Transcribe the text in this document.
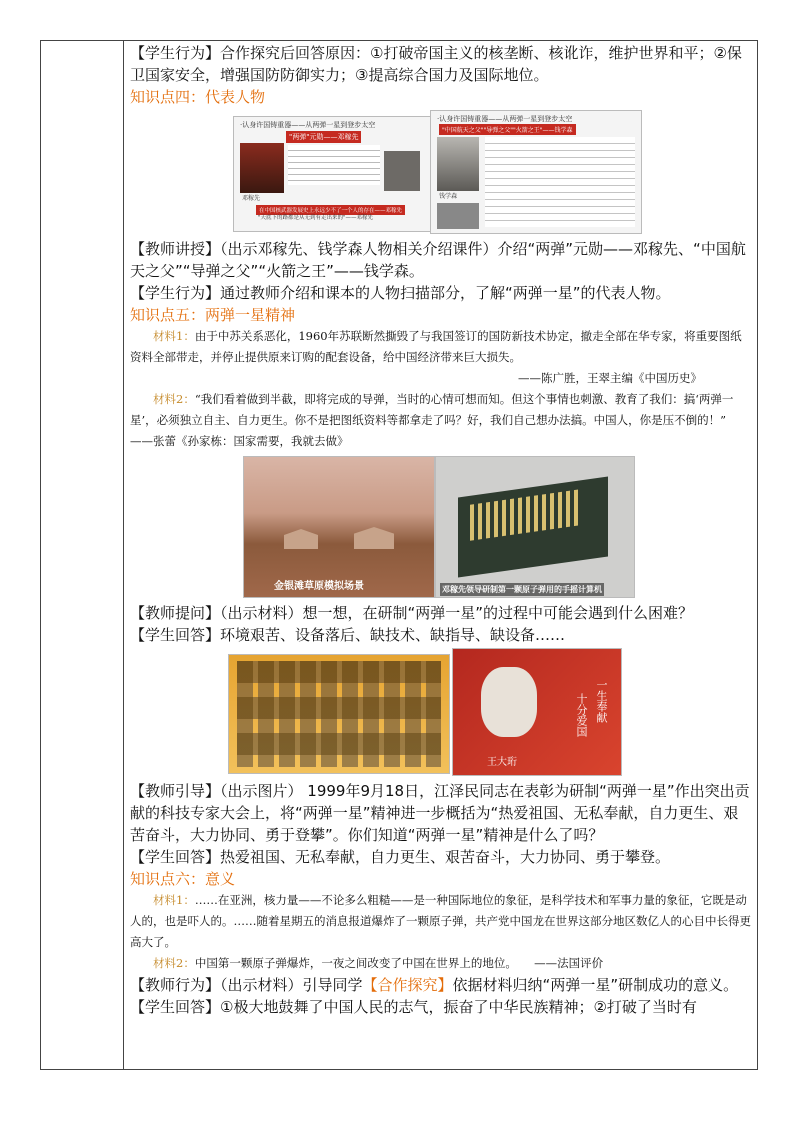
【学生行为】合作探究后回答原因：①打破帝国主义的核垄断、核讹诈，维护世界和平；②保卫国家安全，增强国防防御实力；③提高综合国力及国际地位。

知识点四：代表人物

·认身许国铸重器——从两弹一星到登步太空
"两弹"元勋——邓稼先
邓稼先
在中国核武器发展史上永远少不了一个人的存在——邓稼先
"天底下的路都是从无到有走出来的"——邓稼先
·认身许国铸重器——从两弹一星到登步太空
"中国航天之父""导弹之父""火箭之王"——钱学森
钱学森

【教师讲授】（出示邓稼先、钱学森人物相关介绍课件）介绍“两弹”元勋——邓稼先、“中国航天之父”“导弹之父”“火箭之王”——钱学森。

【学生行为】通过教师介绍和课本的人物扫描部分，了解“两弹一星”的代表人物。

知识点五：两弹一星精神

材料1：由于中苏关系恶化，1960年苏联断然撕毁了与我国签订的国防新技术协定，撤走全部在华专家，将重要图纸资料全部带走，并停止提供原来订购的配套设备，给中国经济带来巨大损失。

——陈广胜，王翠主编《中国历史》

材料2：“我们看着做到半截，即将完成的导弹，当时的心情可想而知。但这个事情也刺激、教育了我们：搞‘两弹一星’，必须独立自主、自力更生。你不是把图纸资料等都拿走了吗？好，我们自己想办法搞。中国人，你是压不倒的！”　　——张蕾《孙家栋：国家需要，我就去做》

金银滩草原模拟场景	邓稼先领导研制第一颗原子弹用的手摇计算机

【教师提问】（出示材料）想一想，在研制“两弹一星”的过程中可能会遇到什么困难？

【学生回答】环境艰苦、设备落后、缺技术、缺指导、缺设备……

王大珩
一生奉献
十分爱国

【教师引导】（出示图片） 1999年9月18日，江泽民同志在表彰为研制“两弹一星”作出突出贡献的科技专家大会上，将“两弹一星”精神进一步概括为“热爱祖国、无私奉献，自力更生、艰苦奋斗，大力协同、勇于登攀”。你们知道“两弹一星”精神是什么了吗？

【学生回答】热爱祖国、无私奉献，自力更生、艰苦奋斗，大力协同、勇于攀登。

知识点六：意义

材料1：……在亚洲，核力量——不论多么粗糙——是一种国际地位的象征，是科学技术和军事力量的象征，它既是动人的，也是吓人的。……随着星期五的消息报道爆炸了一颗原子弹，共产党中国龙在世界这部分地区数亿人的心目中长得更高大了。

材料2：中国第一颗原子弹爆炸，一夜之间改变了中国在世界上的地位。　　——法国评价

【教师行为】（出示材料）引导同学【合作探究】依据材料归纳“两弹一星”研制成功的意义。

【学生回答】①极大地鼓舞了中国人民的志气，振奋了中华民族精神；②打破了当时有
